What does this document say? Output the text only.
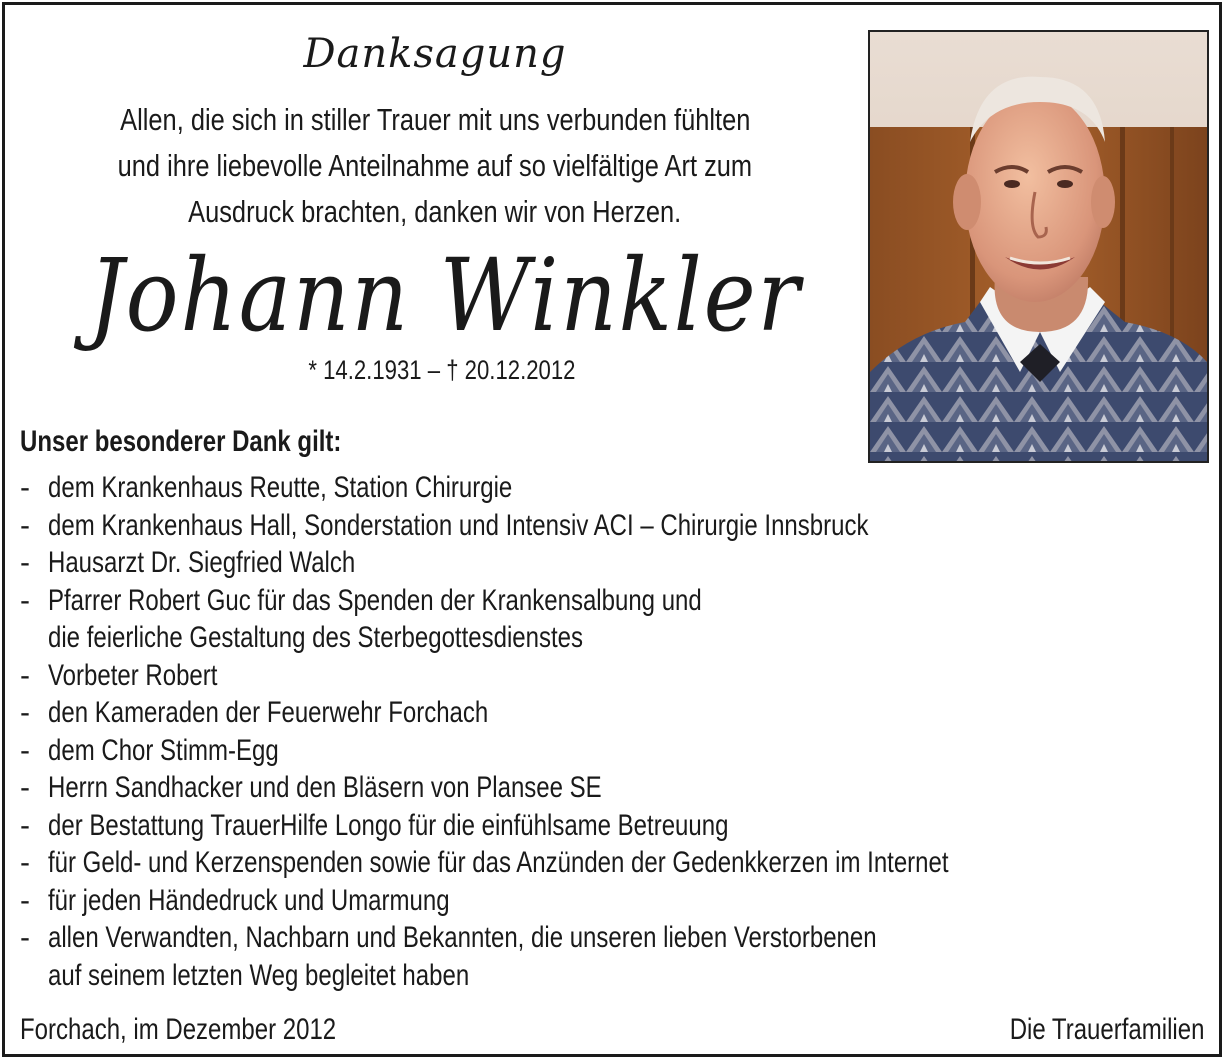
Danksagung
Allen, die sich in stiller Trauer mit uns verbunden fühlten
und ihre liebevolle Anteilnahme auf so vielfältige Art zum
Ausdruck brachten, danken wir von Herzen.
Johann Winkler
* 14.2.1931 – † 20.12.2012
Unser besonderer Dank gilt:
- dem Krankenhaus Reutte, Station Chirurgie
- dem Krankenhaus Hall, Sonderstation und Intensiv ACI – Chirurgie Innsbruck
- Hausarzt Dr. Siegfried Walch
- Pfarrer Robert Guc für das Spenden der Krankensalbung und
die feierliche Gestaltung des Sterbegottesdienstes
- Vorbeter Robert
- den Kameraden der Feuerwehr Forchach
- dem Chor Stimm-Egg
- Herrn Sandhacker und den Bläsern von Plansee SE
- der Bestattung TrauerHilfe Longo für die einfühlsame Betreuung
- für Geld- und Kerzenspenden sowie für das Anzünden der Gedenkkerzen im Internet
- für jeden Händedruck und Umarmung
- allen Verwandten, Nachbarn und Bekannten, die unseren lieben Verstorbenen
auf seinem letzten Weg begleitet haben
Forchach, im Dezember 2012	Die Trauerfamilien
